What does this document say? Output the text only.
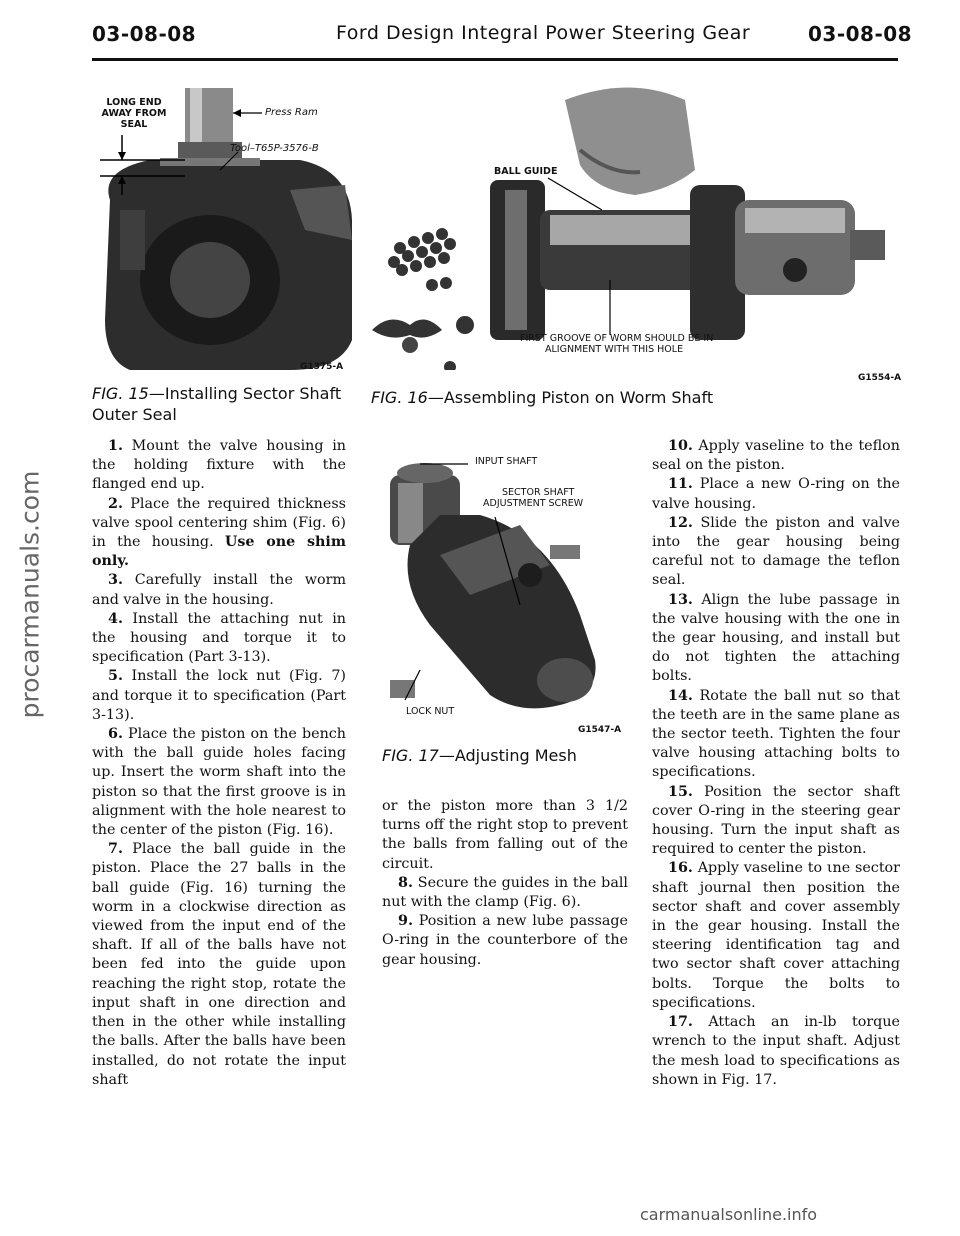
03-08-08	Ford Design Integral Power Steering Gear	03-08-08
procarmanuals.com
carmanualsonline.info
LONG END
AWAY FROM
SEAL
Press Ram
Tool–T65P-3576-B
G1375-A
FIG. 15—Installing Sector Shaft
Outer Seal
BALL GUIDE
FIRST GROOVE OF WORM SHOULD BE IN
ALIGNMENT WITH THIS HOLE
G1554-A
FIG. 16—Assembling Piston on Worm Shaft
INPUT SHAFT
SECTOR SHAFT
ADJUSTMENT SCREW
LOCK NUT
G1547-A
FIG. 17—Adjusting Mesh

1. Mount the valve housing in the holding fixture with the flanged end up.

2. Place the required thickness valve spool centering shim (Fig. 6) in the housing. Use one shim only.

3. Carefully install the worm and valve in the housing.

4. Install the attaching nut in the housing and torque it to specification (Part 3-13).

5. Install the lock nut (Fig. 7) and torque it to specification (Part 3-13).

6. Place the piston on the bench with the ball guide holes facing up. Insert the worm shaft into the piston so that the first groove is in alignment with the hole nearest to the center of the piston (Fig. 16).

7. Place the ball guide in the piston. Place the 27 balls in the ball guide (Fig. 16) turning the worm in a clockwise direction as viewed from the input end of the shaft. If all of the balls have not been fed into the guide upon reaching the right stop, rotate the input shaft in one direction and then in the other while installing the balls. After the balls have been installed, do not rotate the input shaft

or the piston more than 3 1/2 turns off the right stop to prevent the balls from falling out of the circuit.

8. Secure the guides in the ball nut with the clamp (Fig. 6).

9. Position a new lube passage O-ring in the counterbore of the gear housing.

10. Apply vaseline to the teflon seal on the piston.

11. Place a new O-ring on the valve housing.

12. Slide the piston and valve into the gear housing being careful not to damage the teflon seal.

13. Align the lube passage in the valve housing with the one in the gear housing, and install but do not tighten the attaching bolts.

14. Rotate the ball nut so that the teeth are in the same plane as the sector teeth. Tighten the four valve housing attaching bolts to specifications.

15. Position the sector shaft cover O-ring in the steering gear housing. Turn the input shaft as required to center the piston.

16. Apply vaseline to ιne sector shaft journal then position the sector shaft and cover assembly in the gear housing. Install the steering identification tag and two sector shaft cover attaching bolts. Torque the bolts to specifications.

17. Attach an in-lb torque wrench to the input shaft. Adjust the mesh load to specifications as shown in Fig. 17.
